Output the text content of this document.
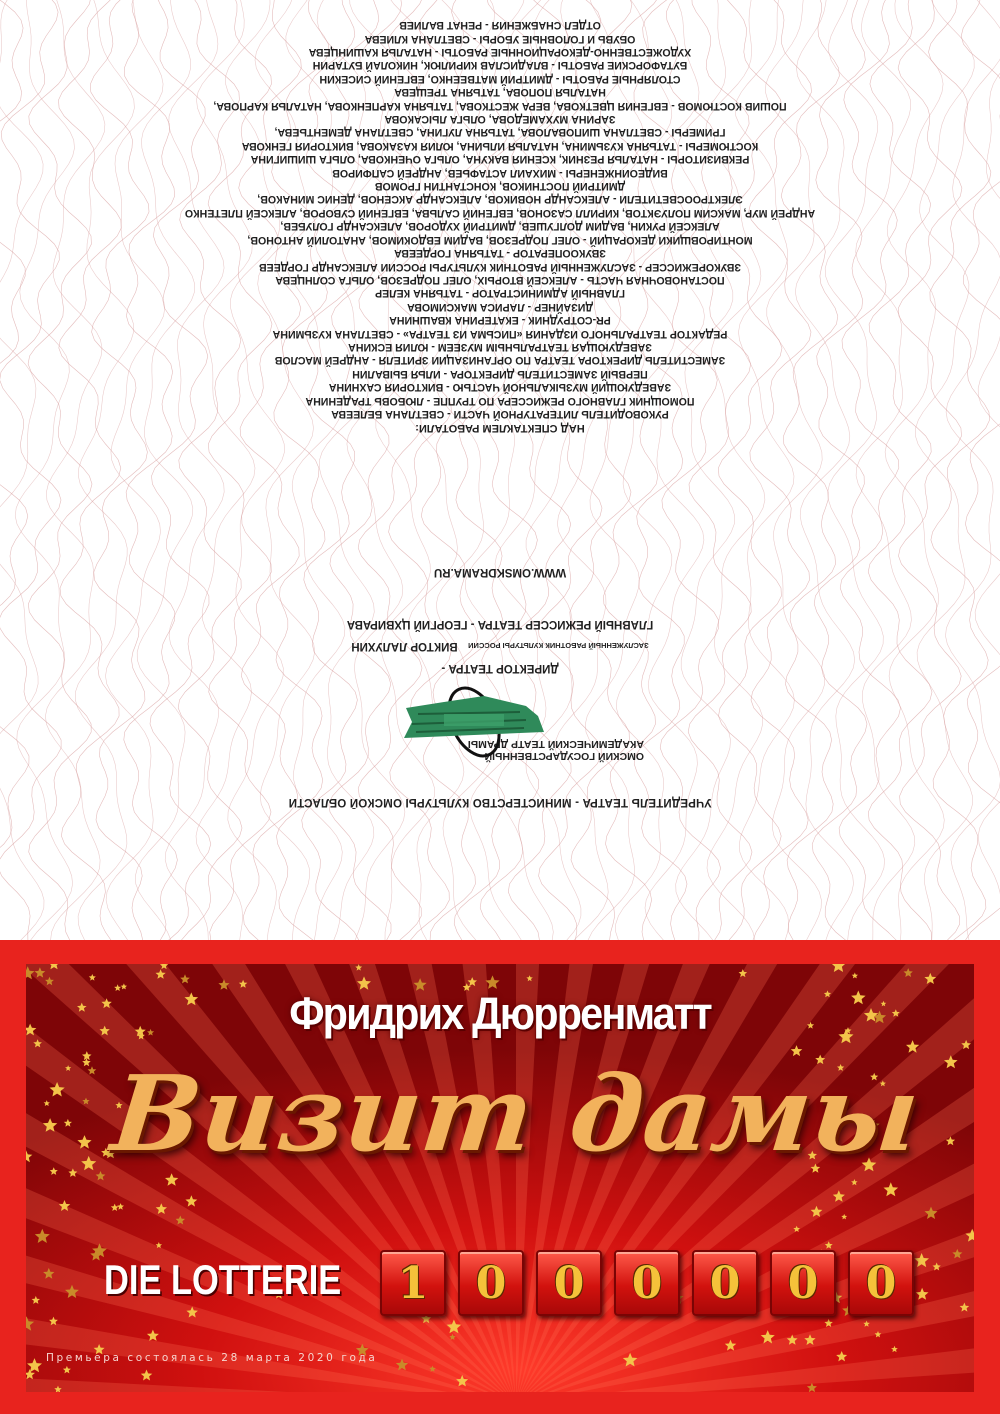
УЧРЕДИТЕЛЬ ТЕАТРА - МИНИСТЕРСТВО КУЛЬТУРЫ ОМСКОЙ ОБЛАСТИ
ОМСКИЙ ГОСУДАРСТВЕННЫЙ АКАДЕМИЧЕСКИЙ ТЕАТР ДРАМЫ
ДИРЕКТОР ТЕАТРА -
ЗАСЛУЖЕННЫЙ РАБОТНИК КУЛЬТУРЫ РОССИИ ВИКТОР ЛАЛУХИН
ГЛАВНЫЙ РЕЖИССЕР ТЕАТРА - ГЕОРГИЙ ЦХВИРАВА
WWW.OMSKDRAMA.RU
НАД СПЕКТАКЛЕМ РАБОТАЛИ:
РУКОВОДИТЕЛЬ ЛИТЕРАТУРНОЙ ЧАСТИ - СВЕТЛАНА БЕЛЕЕВА
ПОМОЩНИК ГЛАВНОГО РЕЖИССЕРА ПО ТРУППЕ - ЛЮБОВЬ ТРАДЕНИНА
ЗАВЕДУЮЩИЙ МУЗЫКАЛЬНОЙ ЧАСТЬЮ - ВИКТОРИЯ САХНИНА
ПЕРВЫЙ ЗАМЕСТИТЕЛЬ ДИРЕКТОРА - ИЛЬЯ БЫВАЛИН
ЗАМЕСТИТЕЛЬ ДИРЕКТОРА ТЕАТРА ПО ОРГАНИЗАЦИИ ЗРИТЕЛЯ - АНДРЕЙ МАСЛОВ
ЗАВЕДУЮЩАЯ ТЕАТРАЛЬНЫМ МУЗЕЕМ - ЮЛИЯ ЕСКИНА
РЕДАКТОР ТЕАТРАЛЬНОГО ИЗДАНИЯ «ПИСЬМА ИЗ ТЕАТРА» - СВЕТЛАНА КУЗЬМИНА
PR-СОТРУДНИК - ЕКАТЕРИНА КВАШНИНА
ДИЗАЙНЕР - ЛАРИСА МАКСИМОВА
ГЛАВНЫЙ АДМИНИСТРАТОР - ТАТЬЯНА КЕЛЕР
ПОСТАНОВОЧНАЯ ЧАСТЬ - АЛЕКСЕЙ ВТОРЫХ, ОЛЕГ ПОДРЕЗОВ, ОЛЬГА СОЛНЦЕВА
ЗВУКОРЕЖИССЕР - ЗАСЛУЖЕННЫЙ РАБОТНИК КУЛЬТУРЫ РОССИИ АЛЕКСАНДР ГОРДЕЕВ
ЗВУКООПЕРАТОР - ТАТЬЯНА ГОРДЕЕВА
МОНТИРОВЩИКИ ДЕКОРАЦИЙ - ОЛЕГ ПОДРЕЗОВ, ВАДИМ ЕВДОКИМОВ, АНАТОЛИЙ АНТОНОВ,
АЛЕКСЕЙ РУКИН, ВАДИМ ДОЛГУШЕВ, ДМИТРИЙ ХУДОРОВ, АЛЕКСАНДР ГОЛУБЕВ,
АНДРЕЙ МУР, МАКСИМ ПОЛУЭКТОВ, КИРИЛЛ САЗОНОВ, ЕВГЕНИЙ САЛЬВА, ЕВГЕНИЙ СУВОРОВ, АЛЕКСЕЙ ПЛЕТЕНКО
ЭЛЕКТРООСВЕТИТЕЛИ - АЛЕКСАНДР НОВИКОВ, АЛЕКСАНДР АКСЕНОВ, ДЕНИС МИНАКОВ,
ДМИТРИЙ ПОСТНИКОВ, КОНСТАНТИН ГРОМОВ
ВИДЕОИНЖЕНЕРЫ - МИХАИЛ АСТАФЬЕВ, АНДРЕЙ САПФИРОВ
РЕКВИЗИТОРЫ - НАТАЛЬЯ РЕЗНИК, КСЕНИЯ ВАКУНА, ОЛЬГА ОЧЕНКОВА, ОЛЬГА ШИШИГИНА
КОСТЮМЕРЫ - ТАТЬЯНА КУЗЬМИНА, НАТАЛЬЯ ИЛЬИНА, ЮЛИЯ КАЗАКОВА, ВИКТОРИЯ ГЕНКОВА
ГРИМЕРЫ - СВЕТЛАНА ШИПОВАЛОВА, ТАТЬЯНА ЛУГИНА, СВЕТЛАНА ДЕМЕНТЬЕВА,
ЗАРИНА МУХАМЕДОВА, ОЛЬГА ЛЫСАКОВА
ПОШИВ КОСТЮМОВ - ЕВГЕНИЯ ЦВЕТКОВА, ВЕРА ЖЕСТКОВА, ТАТЬЯНА КАРПЕНКОВА, НАТАЛЬЯ КАРПОВА,
НАТАЛЬЯ ПОПОВА, ТАТЬЯНА ТРЕЩЕВА
СТОЛЯРНЫЕ РАБОТЫ - ДМИТРИЙ МАТВЕЕНКО, ЕВГЕНИЙ СИСЕКИН
БУТАФОРСКИЕ РАБОТЫ - ВЛАДИСЛАВ КИРИЛЮК, НИКОЛАЙ БУТАРИН
ХУДОЖЕСТВЕННО-ДЕКОРАЦИОННЫЕ РАБОТЫ - НАТАЛЬЯ КАШИНЦЕВА
ОБУВЬ И ГОЛОВНЫЕ УБОРЫ - СВЕТЛАНА КЛИЕВА
ОТДЕЛ СНАБЖЕНИЯ - РЕНАТ ВАЛИЕВ
Фридрих Дюрренматт
Визит дамы
DIE LOTTERIE	1	0	0	0	0	0	0
Премьера состоялась 28 марта 2020 года
